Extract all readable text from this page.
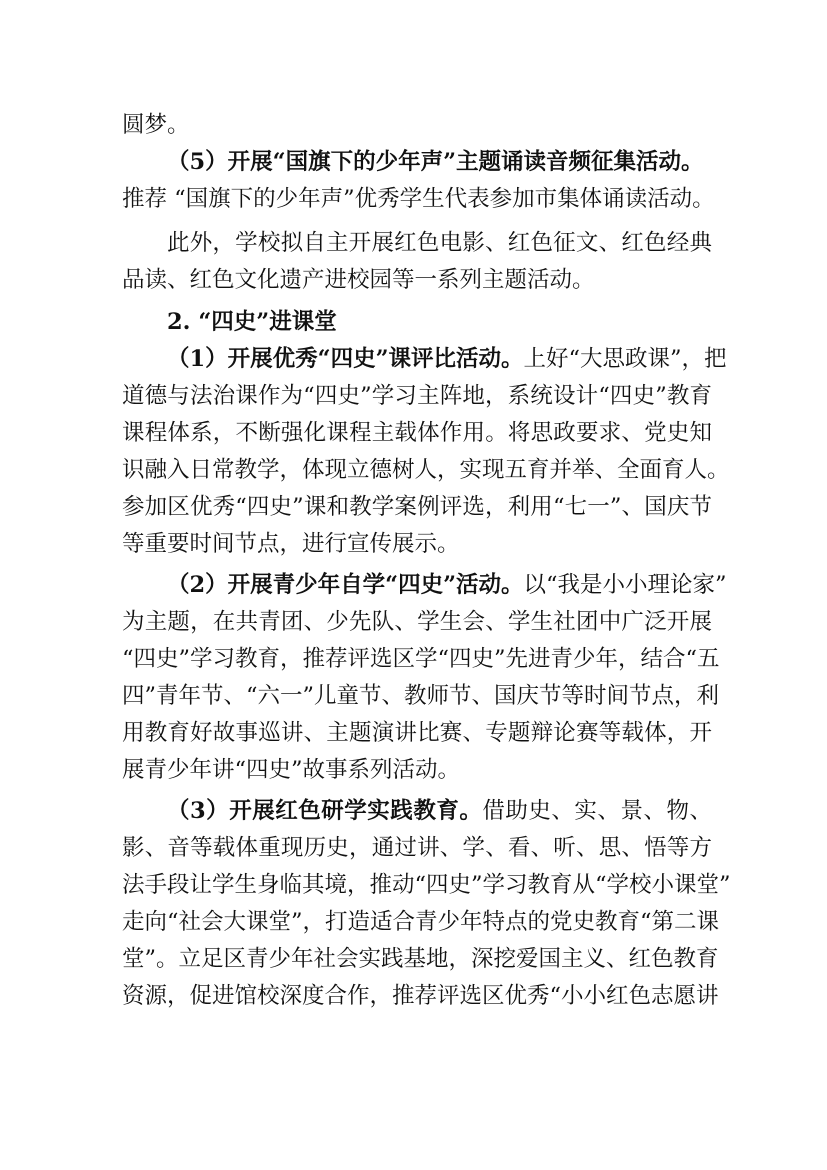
圆梦。
（5）开展“国旗下的少年声”主题诵读音频征集活动。
推荐 “国旗下的少年声”优秀学生代表参加市集体诵读活动。
此外，学校拟自主开展红色电影、红色征文、红色经典
品读、红色文化遗产进校园等一系列主题活动。
2. “四史”进课堂
（1）开展优秀“四史”课评比活动。上好“大思政课”，把
道德与法治课作为“四史”学习主阵地，系统设计“四史”教育
课程体系，不断强化课程主载体作用。将思政要求、党史知
识融入日常教学，体现立德树人，实现五育并举、全面育人。
参加区优秀“四史”课和教学案例评选，利用“七一”、国庆节
等重要时间节点，进行宣传展示。
（2）开展青少年自学“四史”活动。以“我是小小理论家”
为主题，在共青团、少先队、学生会、学生社团中广泛开展
“四史”学习教育，推荐评选区学“四史”先进青少年，结合“五
四”青年节、“六一”儿童节、教师节、国庆节等时间节点，利
用教育好故事巡讲、主题演讲比赛、专题辩论赛等载体，开
展青少年讲“四史”故事系列活动。
（3）开展红色研学实践教育。借助史、实、景、物、
影、音等载体重现历史，通过讲、学、看、听、思、悟等方
法手段让学生身临其境，推动“四史”学习教育从“学校小课堂”
走向“社会大课堂”，打造适合青少年特点的党史教育“第二课
堂”。立足区青少年社会实践基地，深挖爱国主义、红色教育
资源，促进馆校深度合作，推荐评选区优秀“小小红色志愿讲
